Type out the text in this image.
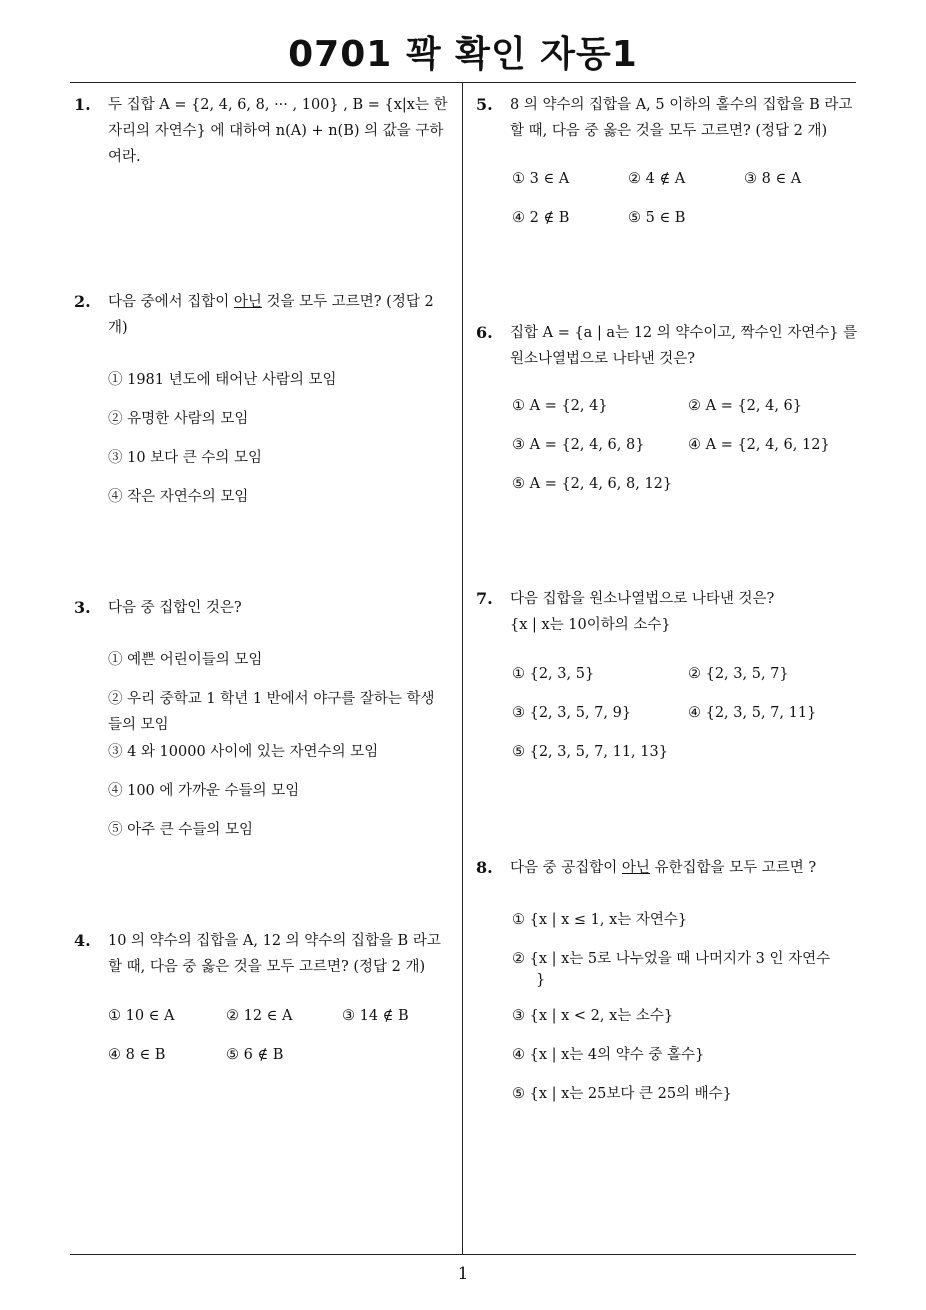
0701 꽉 확인 자동1
1
1. 두 집합 A = {2, 4, 6, 8, ··· , 100} , B = {x|x는 한 자리의 자연수} 에 대하여 n(A) + n(B) 의 값을 구하여라.
2. 다음 중에서 집합이 아닌 것을 모두 고르면? (정답 2 개)
① 1981 년도에 태어난 사람의 모임
② 유명한 사람의 모임
③ 10 보다 큰 수의 모임
④ 작은 자연수의 모임
3. 다음 중 집합인 것은?
① 예쁜 어린이들의 모임
② 우리 중학교 1 학년 1 반에서 야구를 잘하는 학생들의 모임
③ 4 와 10000 사이에 있는 자연수의 모임
④ 100 에 가까운 수들의 모임
⑤ 아주 큰 수들의 모임
4. 10 의 약수의 집합을 A, 12 의 약수의 집합을 B 라고 할 때, 다음 중 옳은 것을 모두 고르면? (정답 2 개)
① 10 ∈ A	② 12 ∈ A	③ 14 ∉ B
④ 8 ∈ B	⑤ 6 ∉ B
5. 8 의 약수의 집합을 A, 5 이하의 홀수의 집합을 B 라고 할 때, 다음 중 옳은 것을 모두 고르면? (정답 2 개)
① 3 ∈ A	② 4 ∉ A	③ 8 ∈ A
④ 2 ∉ B	⑤ 5 ∈ B
6. 집합 A = {a | a는 12 의 약수이고, 짝수인 자연수} 를 원소나열법으로 나타낸 것은?
① A = {2, 4}	② A = {2, 4, 6}
③ A = {2, 4, 6, 8}	④ A = {2, 4, 6, 12}
⑤ A = {2, 4, 6, 8, 12}
7. 다음 집합을 원소나열법으로 나타낸 것은?
{x | x는 10이하의 소수}
① {2, 3, 5}	② {2, 3, 5, 7}
③ {2, 3, 5, 7, 9}	④ {2, 3, 5, 7, 11}
⑤ {2, 3, 5, 7, 11, 13}
8. 다음 중 공집합이 아닌 유한집합을 모두 고르면 ?
① {x | x ≤ 1, x는 자연수}
② {x | x는 5로 나누었을 때 나머지가 3 인 자연수
}
③ {x | x < 2, x는 소수}
④ {x | x는 4의 약수 중 홀수}
⑤ {x | x는 25보다 큰 25의 배수}
